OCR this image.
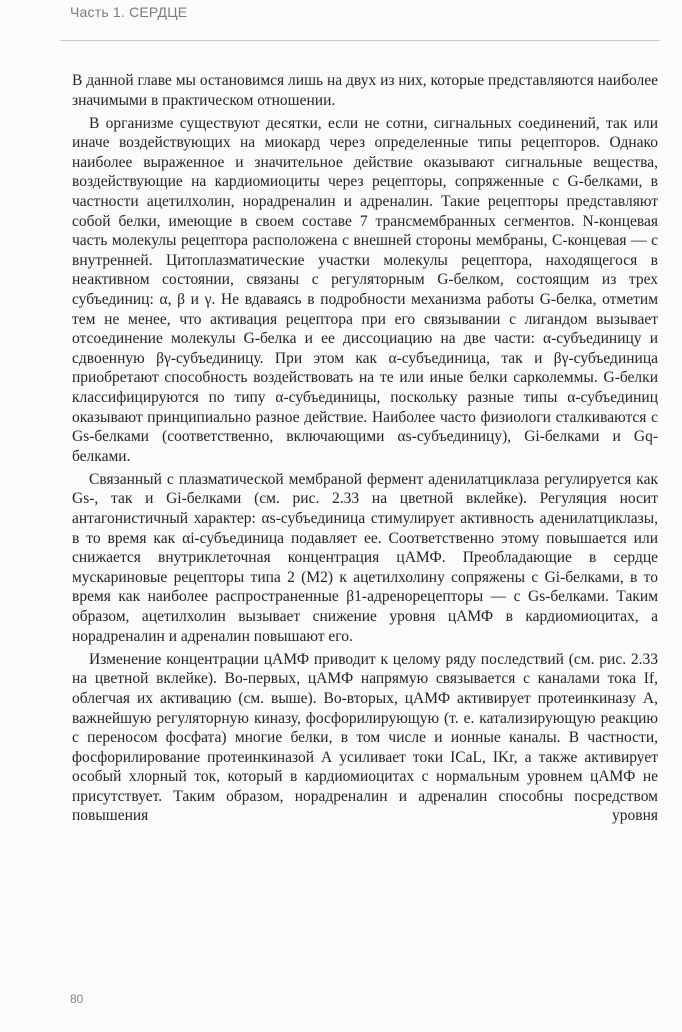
Часть 1. СЕРДЦЕ

В данной главе мы остановимся лишь на двух из них, которые представляются наиболее значимыми в практическом отношении.

В организме существуют десятки, если не сотни, сигнальных соединений, так или иначе воздействующих на миокард через определенные типы рецепторов. Однако наиболее выраженное и значительное действие оказывают сигнальные вещества, воздействующие на кардиомиоциты через рецепторы, сопряженные с G-белками, в частности ацетилхолин, норадреналин и адреналин. Такие рецепторы представляют собой белки, имеющие в своем составе 7 трансмембранных сегментов. N-концевая часть молекулы рецептора расположена с внешней стороны мембраны, С-концевая — с внутренней. Цитоплазматические участки молекулы рецептора, находящегося в неактивном состоянии, связаны с регуляторным G-белком, состоящим из трех субъединиц: α, β и γ. Не вдаваясь в подробности механизма работы G-белка, отметим тем не менее, что активация рецептора при его связывании с лигандом вызывает отсоединение молекулы G-белка и ее диссоциацию на две части: α-субъединицу и сдвоенную βγ-субъединицу. При этом как α-субъединица, так и βγ-субъединица приобретают способность воздействовать на те или иные белки сарколеммы. G-белки классифицируются по типу α-субъединицы, поскольку разные типы α-субъединиц оказывают принципиально разное действие. Наиболее часто физиологи сталкиваются с Gs-белками (соответственно, включающими αs-субъединицу), Gi-белками и Gq-белками.

Связанный с плазматической мембраной фермент аденилатциклаза регулируется как Gs-, так и Gi-белками (см. рис. 2.33 на цветной вклейке). Регуляция носит антагонистичный характер: αs-субъединица стимулирует активность аденилатциклазы, в то время как αi-субъединица подавляет ее. Соответственно этому повышается или снижается внутриклеточная концентрация цАМФ. Преобладающие в сердце мускариновые рецепторы типа 2 (M2) к ацетилхолину сопряжены с Gi-белками, в то время как наиболее распространенные β1-адренорецепторы — с Gs-белками. Таким образом, ацетилхолин вызывает снижение уровня цАМФ в кардиомиоцитах, а норадреналин и адреналин повышают его.

Изменение концентрации цАМФ приводит к целому ряду последствий (см. рис. 2.33 на цветной вклейке). Во-первых, цАМФ напрямую связывается с каналами тока If, облегчая их активацию (см. выше). Во-вторых, цАМФ активирует протеинкиназу А, важнейшую регуляторную киназу, фосфорилирующую (т. е. катализирующую реакцию с переносом фосфата) многие белки, в том числе и ионные каналы. В частности, фосфорилирование протеинкиназой А усиливает токи ICaL, IKr, а также активирует особый хлорный ток, который в кардиомиоцитах с нормальным уровнем цАМФ не присутствует. Таким образом, норадреналин и адреналин способны посредством повышения уровня

80
